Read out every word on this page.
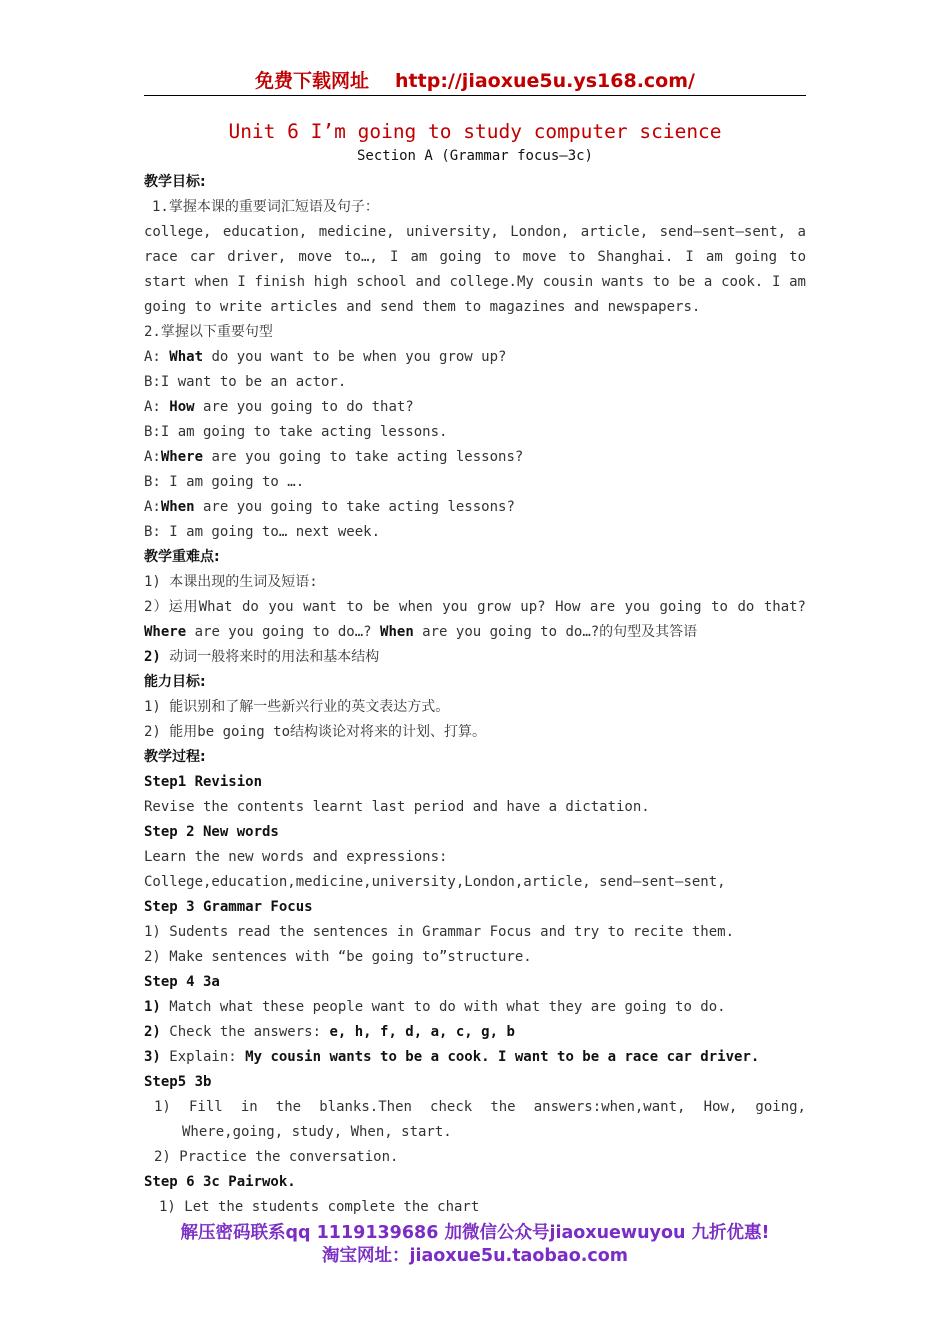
免费下载网址 http://jiaoxue5u.ys168.com/
Unit 6 I’m going to study computer science
Section A (Grammar focus—3c)
教学目标:
1.掌握本课的重要词汇短语及句子：
college, education, medicine, university, London, article, send—sent—sent, a
race car driver, move to…, I am going to move to Shanghai. I am going to
start when I finish high school and college.My cousin wants to be a cook. I am
going to write articles and send them to magazines and newspapers.
2.掌握以下重要句型
A: What do you want to be when you grow up?
B:I want to be an actor.
A: How are you going to do that?
B:I am going to take acting lessons.
A:Where are you going to take acting lessons?
B: I am going to ….
A:When are you going to take acting lessons?
B: I am going to… next week.
教学重难点:
1) 本课出现的生词及短语:
2）运用What do you want to be when you grow up? How are you going to do that?
Where are you going to do…? When are you going to do…?的句型及其答语
2) 动词一般将来时的用法和基本结构
能力目标:
1) 能识别和了解一些新兴行业的英文表达方式。
2) 能用be going to结构谈论对将来的计划、打算。
教学过程:
Step1 Revision
Revise the contents learnt last period and have a dictation.
Step 2 New words
Learn the new words and expressions:
College,education,medicine,university,London,article, send—sent—sent,
Step 3 Grammar Focus
1) Sudents read the sentences in Grammar Focus and try to recite them.
2) Make sentences with “be going to”structure.
Step 4 3a
1) Match what these people want to do with what they are going to do.
2) Check the answers: e, h, f, d, a, c, g, b
3) Explain: My cousin wants to be a cook. I want to be a race car driver.
Step5 3b
1) Fill in the blanks.Then check the answers:when,want, How, going,
Where,going, study, When, start.
2) Practice the conversation.
Step 6 3c Pairwok.
1) Let the students complete the chart
解压密码联系qq 1119139686 加微信公众号jiaoxuewuyou 九折优惠!
淘宝网址：jiaoxue5u.taobao.com
